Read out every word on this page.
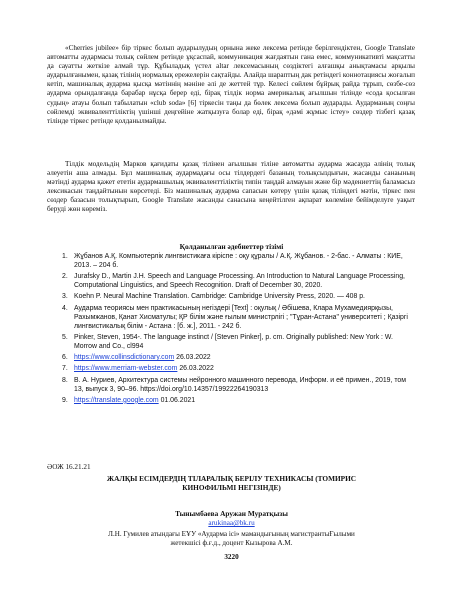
«Cherries jubilee» бір тіркес болып аударылудың орнына жеке лексема ретінде берілгендіктен, Google Translate автоматты аудармасы толық сөйлем ретінде ұқсаспай, коммуникация жағдаятын гана емес, коммуникативті мақсатты да сауатты жеткізе алмай тұр. Құбыладық үстел аltar лексемасының сөздіктегі алғашқы анықтамасы арқылы аударылғанымен, қазақ тілінің нормалық ережелерін сақтайды. Алайда шараптың дак ретіндегі коннотациясы жоғалып кетіп, машиналық аударма қысқа мәтіннің мәніне әлі де жеттей тұр. Келесі сөйлем бұйрық райда тұрып, сөзбе-сөз аударма орындалғанда барабар нұсқа берер еді, бірақ тілдік норма америкалық ағылшын тілінде «сода қосылған судың» атауы болып табылатын «club soda» [6] тіркесін таңы да бөлек лексема болып аударады. Аударманың соңғы сөйлемді эквиваленттіліктің үшінші деңгейіне жатқызуға болар еді, бірақ «дәмі жұмыс істеу» сөздер тізбегі қазақ тілінде тіркес ретінде қолданылмайды.

Тілдік модельдің Марков қағидаты қазақ тілінен ағылшын тіліне автоматты аударма жасауда әлінің толық әлеуетін аша алмады. Бұл машиналық аудармадағы осы тілдердегі базаның толықсыздығын, жасанды санаының мәтінді аударма қажет ететін аудармашылық эквиваленттіліктің типін таңдай алмауын және бір мәдениеттің баламасыз лексикасын таңдайтынын көрсетеді. Біз машиналық аударма сапасын көтеру үшін қазақ тіліндегі мәтін, тіркес пен сөздер базасын толықтырып, Google Translate жасанды санасына кеңейтілген ақпарат көлеміне бейімделуге уақыт беруді жөн көреміз.

Қолданылған әдебиеттер тізімі
1. Жұбанов А.Қ. Компьютерлік лингвистикаға кіріспе : оқу құралы / А.Қ. Жұбанов. - 2-бас. - Алматы : КИЕ, 2013. – 204 б.
2. Jurafsky D., Martin J.H. Speech and Language Processing. An Introduction to Natural Language Processing, Computational Linguistics, and Speech Recognition. Draft of December 30, 2020.
3. Koehn P. Neural Machine Translation. Cambridge: Cambridge University Press, 2020. — 408 p.
4. Аударма теориясы мен практикасының негіздері [Text] : оқулық / Әбішева, Клара Мухамедиярқызы, Рахымжанов, Қанат Хисматулы; ҚР білім және ғылым министрлігі ; "Тұран-Астана" университеті ; Қазіргі лингвистикалық білім - Астана : [б. ж.], 2011. - 242 б.
5. Pinker, Steven, 1954-. The language instinct / [Steven Pinker], p. cm. Originally published: New York : W. Morrow and Co., cl994
6. https://www.collinsdictionary.com 26.03.2022
7. https://www.merriam-webster.com 26.03.2022
8. В. А. Нуриев, Архитектура системы нейронного машинного перевода, Информ. и её примен., 2019, том 13, выпуск 3, 90–96. https://doi.org/10.14357/19922264190313
9. https://translate.google.com 01.06.2021
ӘОЖ 16.21.21
ЖАЛҚЫ ЕСІМДЕРДІҢ ТІЛАРАЛЫҚ БЕРІЛУ ТЕХНИКАСЫ (ТОМИРИС КИНОФИЛЬМІ НЕГІЗІНДЕ)
Тынымбаева Аружан Муратқызы
arukinaa@bk.ru
Л.Н. Гумилев атындағы ЕҰУ «Аударма ісі» мамандығының магистрантыҒылыми жетекшісі ф.ғ.д., доцент Кызырова А.М.
3220
